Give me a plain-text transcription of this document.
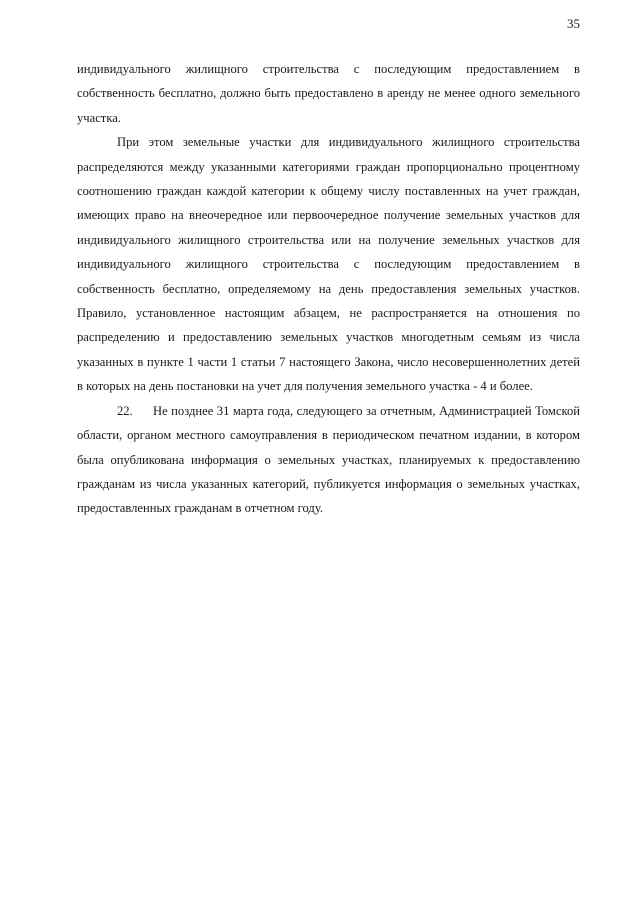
35

индивидуального жилищного строительства с последующим предоставлением в собственность бесплатно, должно быть предоставлено в аренду не менее одного земельного участка.

При этом земельные участки для индивидуального жилищного строительства распределяются между указанными категориями граждан пропорционально процентному соотношению граждан каждой категории к общему числу поставленных на учет граждан, имеющих право на внеочередное или первоочередное получение земельных участков для индивидуального жилищного строительства или на получение земельных участков для индивидуального жилищного строительства с последующим предоставлением в собственность бесплатно, определяемому на день предоставления земельных участков. Правило, установленное настоящим абзацем, не распространяется на отношения по распределению и предоставлению земельных участков многодетным семьям из числа указанных в пункте 1 части 1 статьи 7 настоящего Закона, число несовершеннолетних детей в которых на день постановки на учет для получения земельного участка - 4 и более.

22. Не позднее 31 марта года, следующего за отчетным, Администрацией Томской области, органом местного самоуправления в периодическом печатном издании, в котором была опубликована информация о земельных участках, планируемых к предоставлению гражданам из числа указанных категорий, публикуется информация о земельных участках, предоставленных гражданам в отчетном году.
